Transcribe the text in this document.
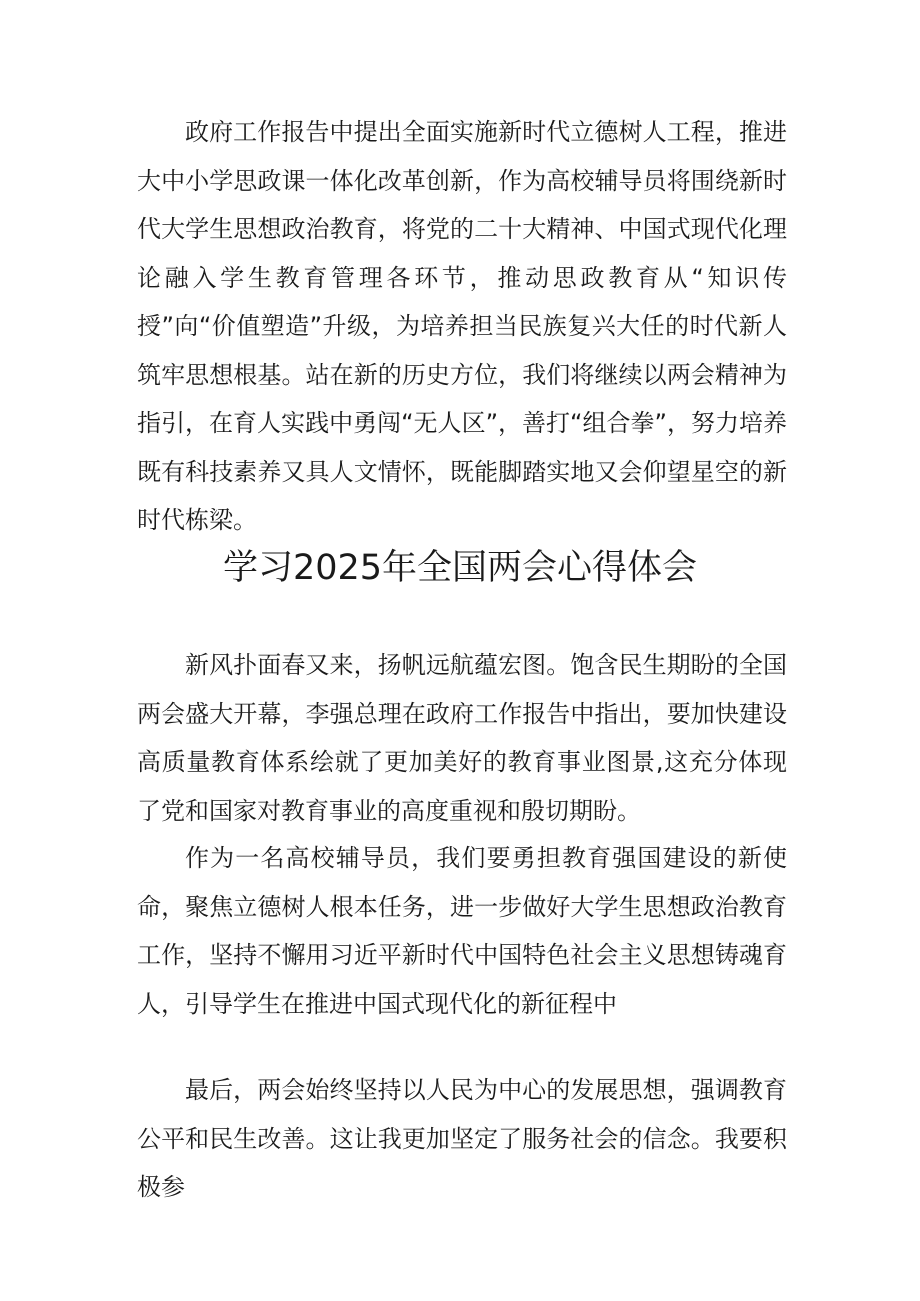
政府工作报告中提出全面实施新时代立德树人工程，推进大中小学思政课一体化改革创新，作为高校辅导员将围绕新时代大学生思想政治教育，将党的二十大精神、中国式现代化理论融入学生教育管理各环节，推动思政教育从“知识传授”向“价值塑造”升级，为培养担当民族复兴大任的时代新人筑牢思想根基。站在新的历史方位，我们将继续以两会精神为指引，在育人实践中勇闯“无人区”，善打“组合拳”，努力培养既有科技素养又具人文情怀，既能脚踏实地又会仰望星空的新时代栋梁。

学习2025年全国两会心得体会

新风扑面春又来，扬帆远航蕴宏图。饱含民生期盼的全国两会盛大开幕，李强总理在政府工作报告中指出，要加快建设高质量教育体系绘就了更加美好的教育事业图景,这充分体现了党和国家对教育事业的高度重视和殷切期盼。

作为一名高校辅导员，我们要勇担教育强国建设的新使命，聚焦立德树人根本任务，进一步做好大学生思想政治教育工作，坚持不懈用习近平新时代中国特色社会主义思想铸魂育人，引导学生在推进中国式现代化的新征程中

最后，两会始终坚持以人民为中心的发展思想，强调教育公平和民生改善。这让我更加坚定了服务社会的信念。我要积极参
